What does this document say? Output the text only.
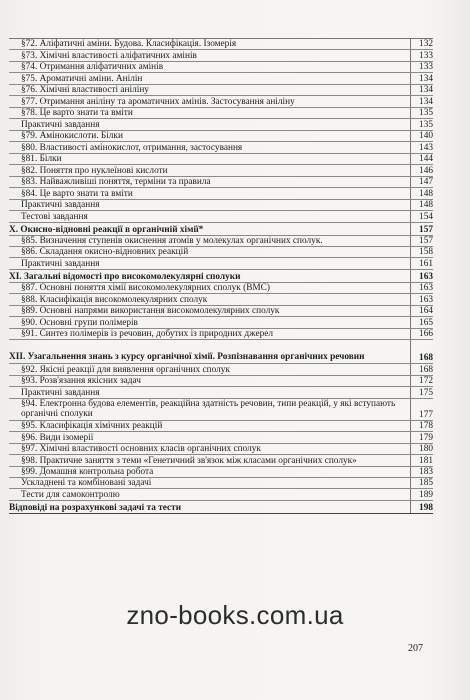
§72. Аліфатичні аміни. Будова. Класифікація. Ізомерія	132
§73. Хімічні властивості аліфатичних амінів	133
§74. Отримання аліфатичних амінів	133
§75. Ароматичні аміни. Анілін	134
§76. Хімічні властивості аніліну	134
§77. Отримання аніліну та ароматичних амінів. Застосування аніліну	134
§78. Це варто знати та вміти	135
Практичні завдання	135
§79. Амінокислоти. Білки	140
§80. Властивості амінокислот, отримання, застосування	143
§81. Білки	144
§82. Поняття про нуклеїнові кислоти	146
§83. Найважливіші поняття, терміни та правила	147
§84. Це варто знати та вміти	148
Практичні завдання	148
Тестові завдання	154
X. Окисно-відновні реакції в органічній хімії*	157
§85. Визначення ступенів окиснення атомів у молекулах органічних сполук.	157
§86. Складання окисно-відновних реакцій	158
Практичні завдання	161
XI. Загальні відомості про високомолекулярні сполуки	163
§87. Основні поняття хімії високомолекулярних сполук (ВМС)	163
§88. Класифікація високомолекулярних сполук	163
§89. Основні напрями використання високомолекулярних сполук	164
§90. Основні групи полімерів	165
§91. Синтез полімерів із речовин, добутих із природних джерел	166
XII. Узагальнення знань з курсу органічної хімії. Розпізнавання органічних речовин	168
§92. Якісні реакції для виявлення органічних сполук	168
§93. Розв'язання якісних задач	172
Практичні завдання	175
§94. Електронна будова елементів, реакційна здатність речовин, типи реакцій, у які вступають органічні сполуки	177
§95. Класифікація хімічних реакцій	178
§96. Види ізомерії	179
§97. Хімічні властивості основних класів органічних сполук	180
§98. Практичне заняття з теми «Генетичний зв'язок між класами органічних сполук»	181
§99. Домашня контрольна робота	183
Ускладнені та комбіновані задачі	185
Тести для самоконтролю	189
Відповіді на розрахункові задачі та тести	198
zno-books.com.ua
207
